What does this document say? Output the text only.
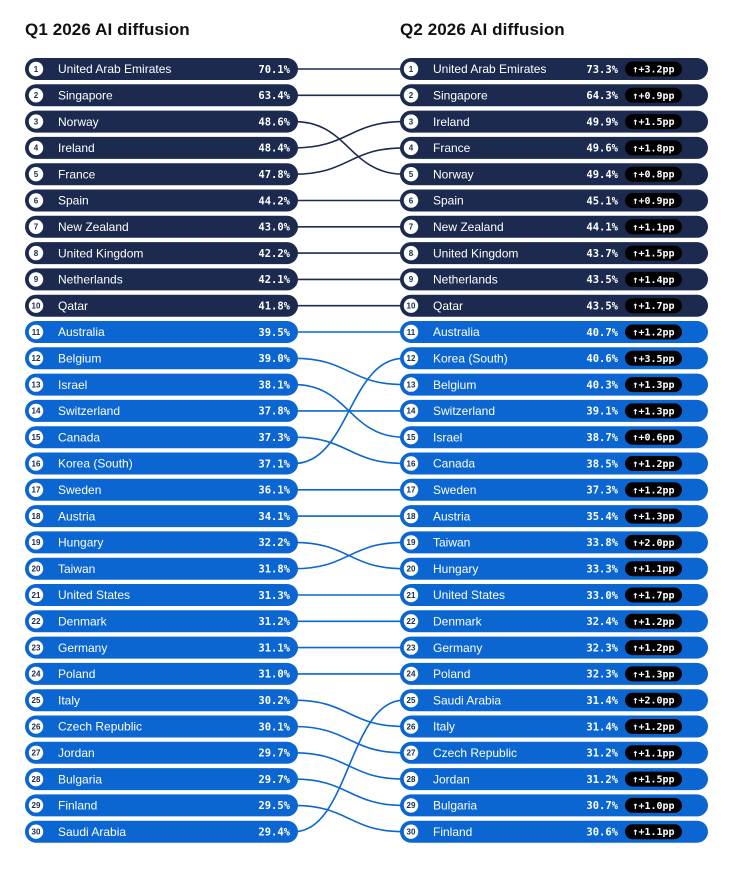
Q1 2026 AI diffusion	Q2 2026 AI diffusion
1 United Arab Emirates	70.1%
2 Singapore	63.4%
3 Norway	48.6%
4 Ireland	48.4%
5 France	47.8%
6 Spain	44.2%
7 New Zealand	43.0%
8 United Kingdom	42.2%
9 Netherlands	42.1%
10 Qatar	41.8%
11 Australia	39.5%
12 Belgium	39.0%
13 Israel	38.1%
14 Switzerland	37.8%
15 Canada	37.3%
16 Korea (South)	37.1%
17 Sweden	36.1%
18 Austria	34.1%
19 Hungary	32.2%
20 Taiwan	31.8%
21 United States	31.3%
22 Denmark	31.2%
23 Germany	31.1%
24 Poland	31.0%
25 Italy	30.2%
26 Czech Republic	30.1%
27 Jordan	29.7%
28 Bulgaria	29.7%
29 Finland	29.5%
30 Saudi Arabia	29.4%
1 United Arab Emirates	73.3% ↑+3.2pp
2 Singapore	64.3% ↑+0.9pp
3 Ireland	49.9% ↑+1.5pp
4 France	49.6% ↑+1.8pp
5 Norway	49.4% ↑+0.8pp
6 Spain	45.1% ↑+0.9pp
7 New Zealand	44.1% ↑+1.1pp
8 United Kingdom	43.7% ↑+1.5pp
9 Netherlands	43.5% ↑+1.4pp
10 Qatar	43.5% ↑+1.7pp
11 Australia	40.7% ↑+1.2pp
12 Korea (South)	40.6% ↑+3.5pp
13 Belgium	40.3% ↑+1.3pp
14 Switzerland	39.1% ↑+1.3pp
15 Israel	38.7% ↑+0.6pp
16 Canada	38.5% ↑+1.2pp
17 Sweden	37.3% ↑+1.2pp
18 Austria	35.4% ↑+1.3pp
19 Taiwan	33.8% ↑+2.0pp
20 Hungary	33.3% ↑+1.1pp
21 United States	33.0% ↑+1.7pp
22 Denmark	32.4% ↑+1.2pp
23 Germany	32.3% ↑+1.2pp
24 Poland	32.3% ↑+1.3pp
25 Saudi Arabia	31.4% ↑+2.0pp
26 Italy	31.4% ↑+1.2pp
27 Czech Republic	31.2% ↑+1.1pp
28 Jordan	31.2% ↑+1.5pp
29 Bulgaria	30.7% ↑+1.0pp
30 Finland	30.6% ↑+1.1pp
